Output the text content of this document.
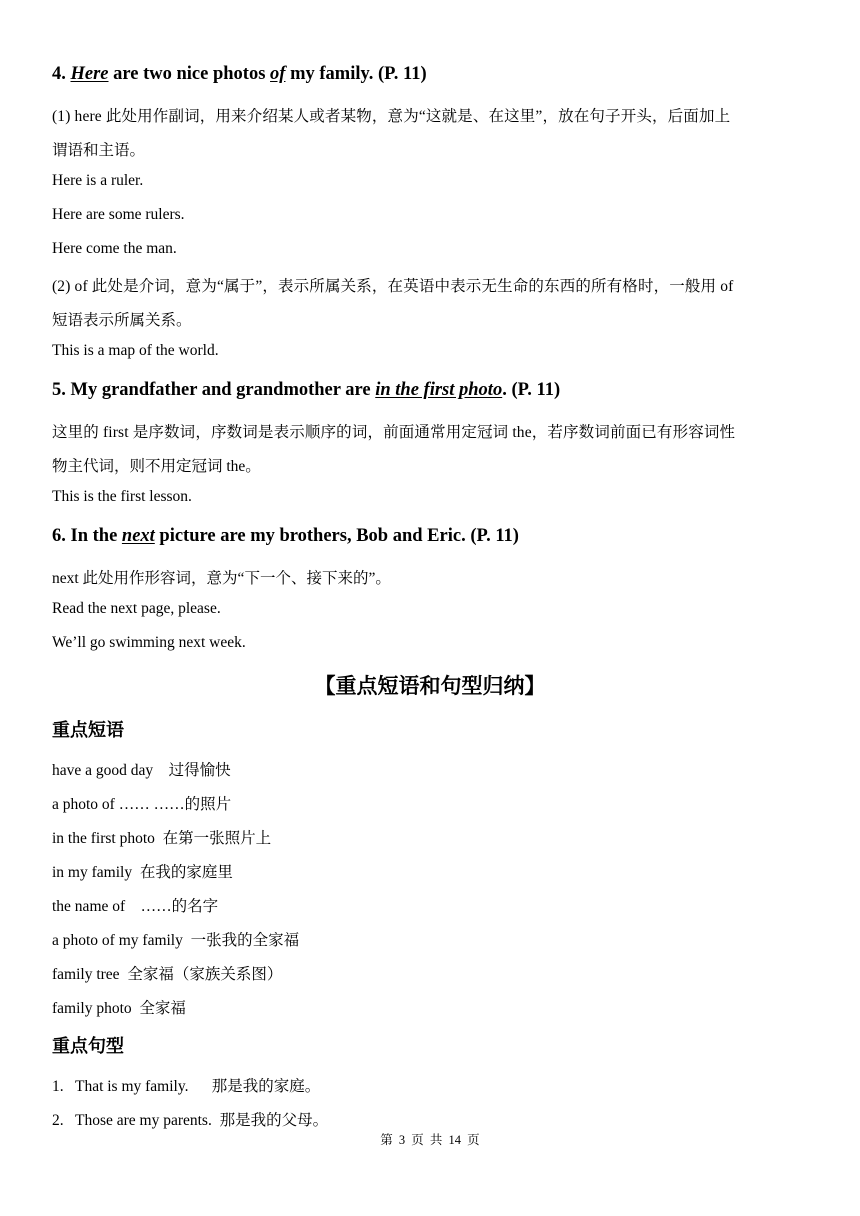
4. Here are two nice photos of my family. (P. 11)
(1) here 此处用作副词，用来介绍某人或者某物，意为“这就是、在这里”，放在句子开头，后面加上
谓语和主语。
Here is a ruler.
Here are some rulers.
Here come the man.
(2) of 此处是介词，意为“属于”，表示所属关系，在英语中表示无生命的东西的所有格时，一般用 of
短语表示所属关系。
This is a map of the world.
5. My grandfather and grandmother are in the first photo. (P. 11)
这里的 first 是序数词，序数词是表示顺序的词，前面通常用定冠词 the，若序数词前面已有形容词性
物主代词，则不用定冠词 the。
This is the first lesson.
6. In the next picture are my brothers, Bob and Eric. (P. 11)
next 此处用作形容词，意为“下一个、接下来的”。
Read the next page, please.
We’ll go swimming next week.
【重点短语和句型归纳】
重点短语
have a good day    过得愉快
a photo of …… ……的照片
in the first photo  在第一张照片上
in my family  在我的家庭里
the name of    ……的名字
a photo of my family  一张我的全家福
family tree  全家福（家族关系图）
family photo  全家福
重点句型
1.   That is my family.      那是我的家庭。
2.   Those are my parents.  那是我的父母。
第 3 页 共 14 页
